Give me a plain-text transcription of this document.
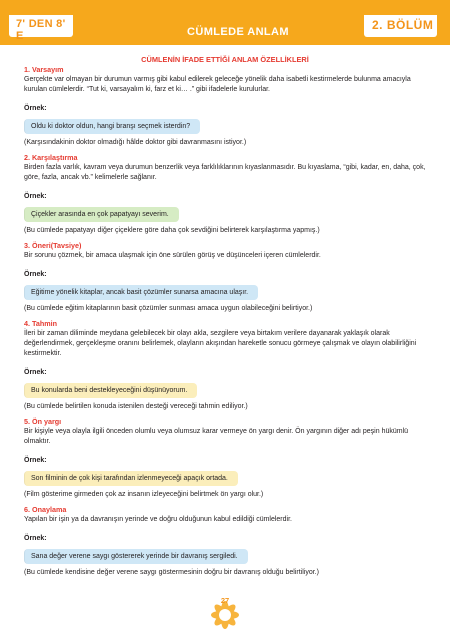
7' DEN 8' E	CÜMLEDE ANLAM	2. BÖLÜM
CÜMLENİN İFADE ETTİĞİ ANLAM ÖZELLİKLERİ
1. Varsayım
Gerçekte var olmayan bir durumun varmış gibi kabul edilerek geleceğe yönelik daha isabetli kestirmelerde bulunma amacıyla kurulan cümlelerdir. “Tut ki, varsayalım ki, farz et ki… .” gibi ifadelerle kurulurlar.
Örnek:
Oldu ki doktor oldun, hangi branşı seçmek isterdin?
(Karşısındakinin doktor olmadığı hâlde doktor gibi davranmasını istiyor.)
2. Karşılaştırma
Birden fazla varlık, kavram veya durumun benzerlik veya farklılıklarının kıyaslanmasıdır. Bu kıyaslama, “gibi, kadar, en, daha, çok, göre, fazla, ancak vb.” kelimelerle sağlanır.
Örnek:
Çiçekler arasında en çok papatyayı severim.
(Bu cümlede papatyayı diğer çiçeklere göre daha çok sevdiğini belirterek karşılaştırma yapmış.)
3. Öneri(Tavsiye)
Bir sorunu çözmek, bir amaca ulaşmak için öne sürülen görüş ve düşünceleri içeren cümlelerdir.
Örnek:
Eğitime yönelik kitaplar, ancak basit çözümler sunarsa amacına ulaşır.
(Bu cümlede eğitim kitaplarının basit çözümler sunması amaca uygun olabileceğini belirtiyor.)
4. Tahmin
İleri bir zaman diliminde meydana gelebilecek bir olayı akla, sezgilere veya birtakım verilere dayanarak yaklaşık olarak değerlendirmek, gerçekleşme oranını belirlemek, olayların akışından hareketle sonucu görmeye çalışmak ve olayın olabilirliğini kestirmektir.
Örnek:
Bu konularda beni destekleyeceğini düşünüyorum.
(Bu cümlede belirtilen konuda istenilen desteği vereceği tahmin ediliyor.)
5. Ön yargı
Bir kişiyle veya olayla ilgili önceden olumlu veya olumsuz karar vermeye ön yargı denir. Ön yargının diğer adı peşin hükümlü olmaktır.
Örnek:
Son filminin de çok kişi tarafından izlenmeyeceği apaçık ortada.
(Film gösterime girmeden çok az insanın izleyeceğini belirtmek ön yargı olur.)
6. Onaylama
Yapılan bir işin ya da davranışın yerinde ve doğru olduğunun kabul edildiği cümlelerdir.
Örnek:
Sana değer verene saygı göstererek yerinde bir davranış sergiledi.
(Bu cümlede kendisine değer verene saygı göstermesinin doğru bir davranış olduğu belirtiliyor.)
27
